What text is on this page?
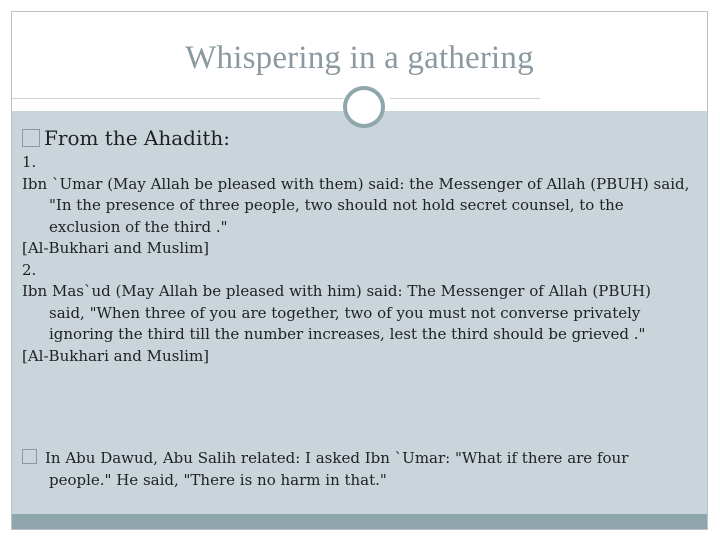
Whispering in a gathering
From the Ahadith:

1.

Ibn `Umar (May Allah be pleased with them) said: the Messenger of Allah (PBUH) said, "In the presence of three people, two should not hold secret counsel, to the exclusion of the third ."

[Al-Bukhari and Muslim]

2.

Ibn Mas`ud (May Allah be pleased with him) said: The Messenger of Allah (PBUH) said, "When three of you are together, two of you must not converse privately ignoring the third till the number increases, lest the third should be grieved ."

[Al-Bukhari and Muslim]

In Abu Dawud, Abu Salih related: I asked Ibn `Umar: "What if there are four people." He said, "There is no harm in that."
